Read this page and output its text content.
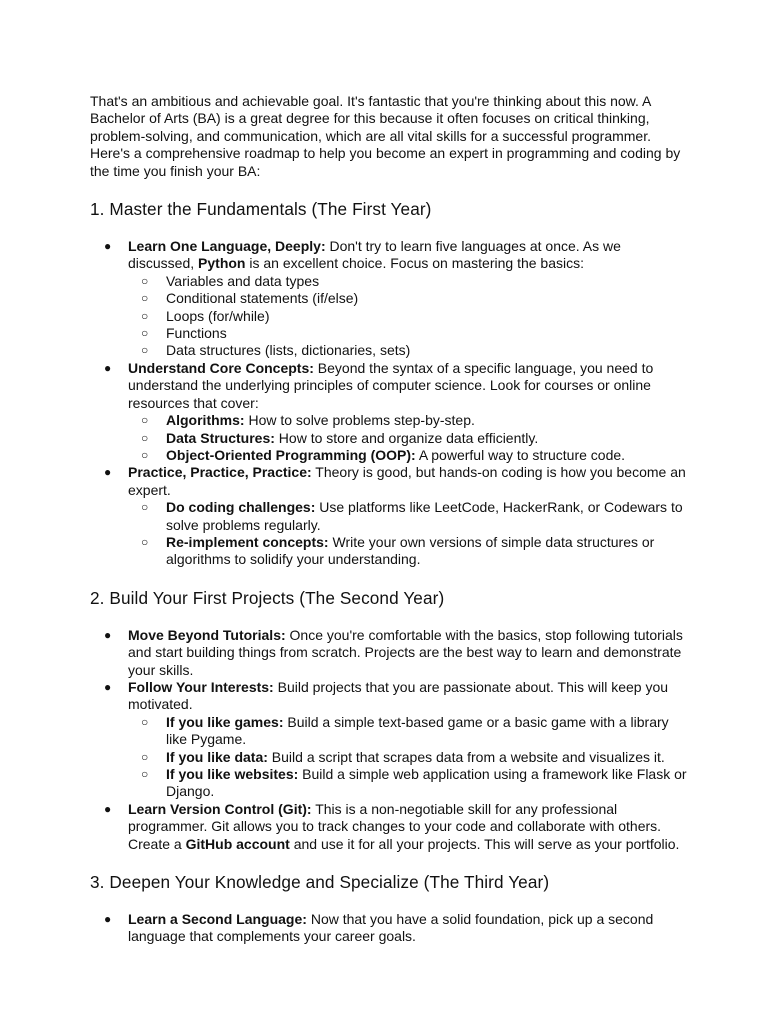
That's an ambitious and achievable goal. It's fantastic that you're thinking about this now. A Bachelor of Arts (BA) is a great degree for this because it often focuses on critical thinking, problem-solving, and communication, which are all vital skills for a successful programmer. Here's a comprehensive roadmap to help you become an expert in programming and coding by the time you finish your BA:

1. Master the Fundamentals (The First Year)
● Learn One Language, Deeply: Don't try to learn five languages at once. As we discussed, Python is an excellent choice. Focus on mastering the basics:
○ Variables and data types
○ Conditional statements (if/else)
○ Loops (for/while)
○ Functions
○ Data structures (lists, dictionaries, sets)
● Understand Core Concepts: Beyond the syntax of a specific language, you need to understand the underlying principles of computer science. Look for courses or online resources that cover:
○ Algorithms: How to solve problems step-by-step.
○ Data Structures: How to store and organize data efficiently.
○ Object-Oriented Programming (OOP): A powerful way to structure code.
● Practice, Practice, Practice: Theory is good, but hands-on coding is how you become an expert.
○ Do coding challenges: Use platforms like LeetCode, HackerRank, or Codewars to solve problems regularly.
○ Re-implement concepts: Write your own versions of simple data structures or algorithms to solidify your understanding.
2. Build Your First Projects (The Second Year)
● Move Beyond Tutorials: Once you're comfortable with the basics, stop following tutorials and start building things from scratch. Projects are the best way to learn and demonstrate your skills.
● Follow Your Interests: Build projects that you are passionate about. This will keep you motivated.
○ If you like games: Build a simple text-based game or a basic game with a library like Pygame.
○ If you like data: Build a script that scrapes data from a website and visualizes it.
○ If you like websites: Build a simple web application using a framework like Flask or Django.
● Learn Version Control (Git): This is a non-negotiable skill for any professional programmer. Git allows you to track changes to your code and collaborate with others. Create a GitHub account and use it for all your projects. This will serve as your portfolio.
3. Deepen Your Knowledge and Specialize (The Third Year)
● Learn a Second Language: Now that you have a solid foundation, pick up a second language that complements your career goals.
